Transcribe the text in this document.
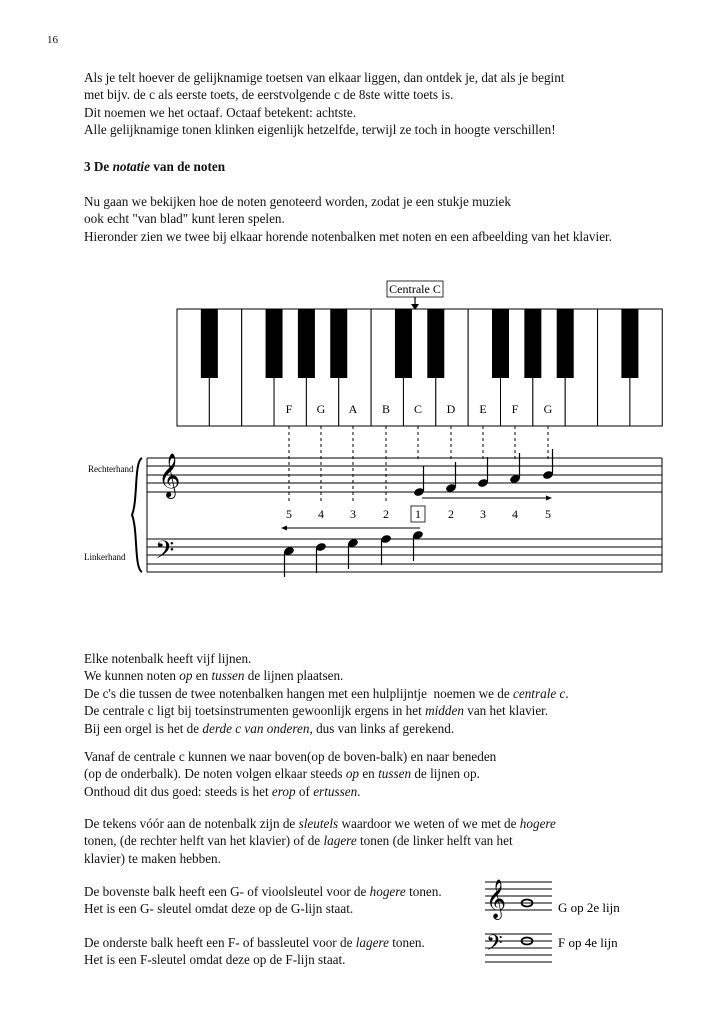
16
Als je telt hoever de gelijknamige toetsen van elkaar liggen, dan ontdek je, dat als je begint
met bijv. de c als eerste toets, de eerstvolgende c de 8ste witte toets is.
Dit noemen we het octaaf. Octaaf betekent: achtste.
Alle gelijknamige tonen klinken eigenlijk hetzelfde, terwijl ze toch in hoogte verschillen!
3 De notatie van de noten
Nu gaan we bekijken hoe de noten genoteerd worden, zodat je een stukje muziek
ook echt "van blad" kunt leren spelen.
Hieronder zien we twee bij elkaar horende notenbalken met noten en een afbeelding van het klavier.
Centrale C
F G A B C D E F G
𝄞
𝄢
Rechterhand
Linkerhand
5 4 3 2 1 2 3 4 5
𝄞
𝄢
G op 2e lijn
F op 4e lijn
Elke notenbalk heeft vijf lijnen.
We kunnen noten op en tussen de lijnen plaatsen.
De c's die tussen de twee notenbalken hangen met een hulplijntje  noemen we de centrale c.
De centrale c ligt bij toetsinstrumenten gewoonlijk ergens in het midden van het klavier.
Bij een orgel is het de derde c van onderen, dus van links af gerekend.
Vanaf de centrale c kunnen we naar boven(op de boven-balk) en naar beneden
(op de onderbalk). De noten volgen elkaar steeds op en tussen de lijnen op.
Onthoud dit dus goed: steeds is het erop of ertussen.
De tekens vóór aan de notenbalk zijn de sleutels waardoor we weten of we met de hogere
tonen, (de rechter helft van het klavier) of de lagere tonen (de linker helft van het
klavier) te maken hebben.
De bovenste balk heeft een G- of vioolsleutel voor de hogere tonen.
Het is een G- sleutel omdat deze op de G-lijn staat.
De onderste balk heeft een F- of bassleutel voor de lagere tonen.
Het is een F-sleutel omdat deze op de F-lijn staat.
